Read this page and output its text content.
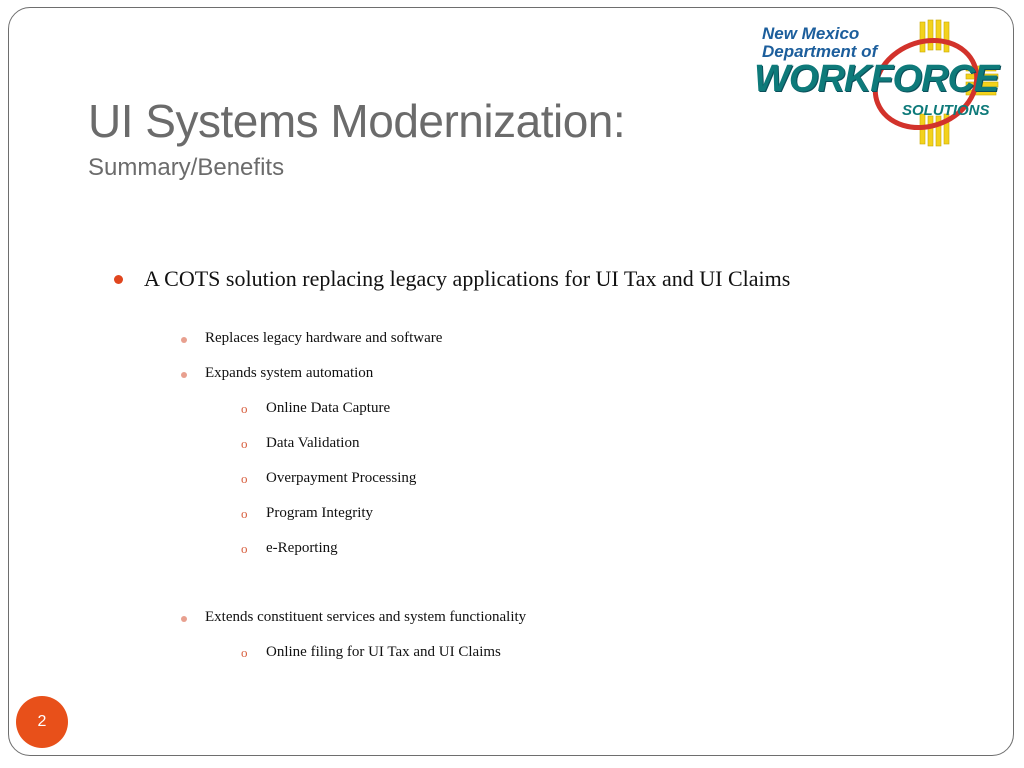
UI Systems Modernization:
Summary/Benefits
New Mexico
Department of
WORKFORCE
SOLUTIONS
A COTS solution replacing legacy applications for UI Tax and UI Claims
Replaces legacy hardware and software
Expands system automation
o Online Data Capture
o Data Validation
o Overpayment Processing
o Program Integrity
o e-Reporting
Extends constituent services and system functionality
o Online filing for UI Tax and UI Claims
2
